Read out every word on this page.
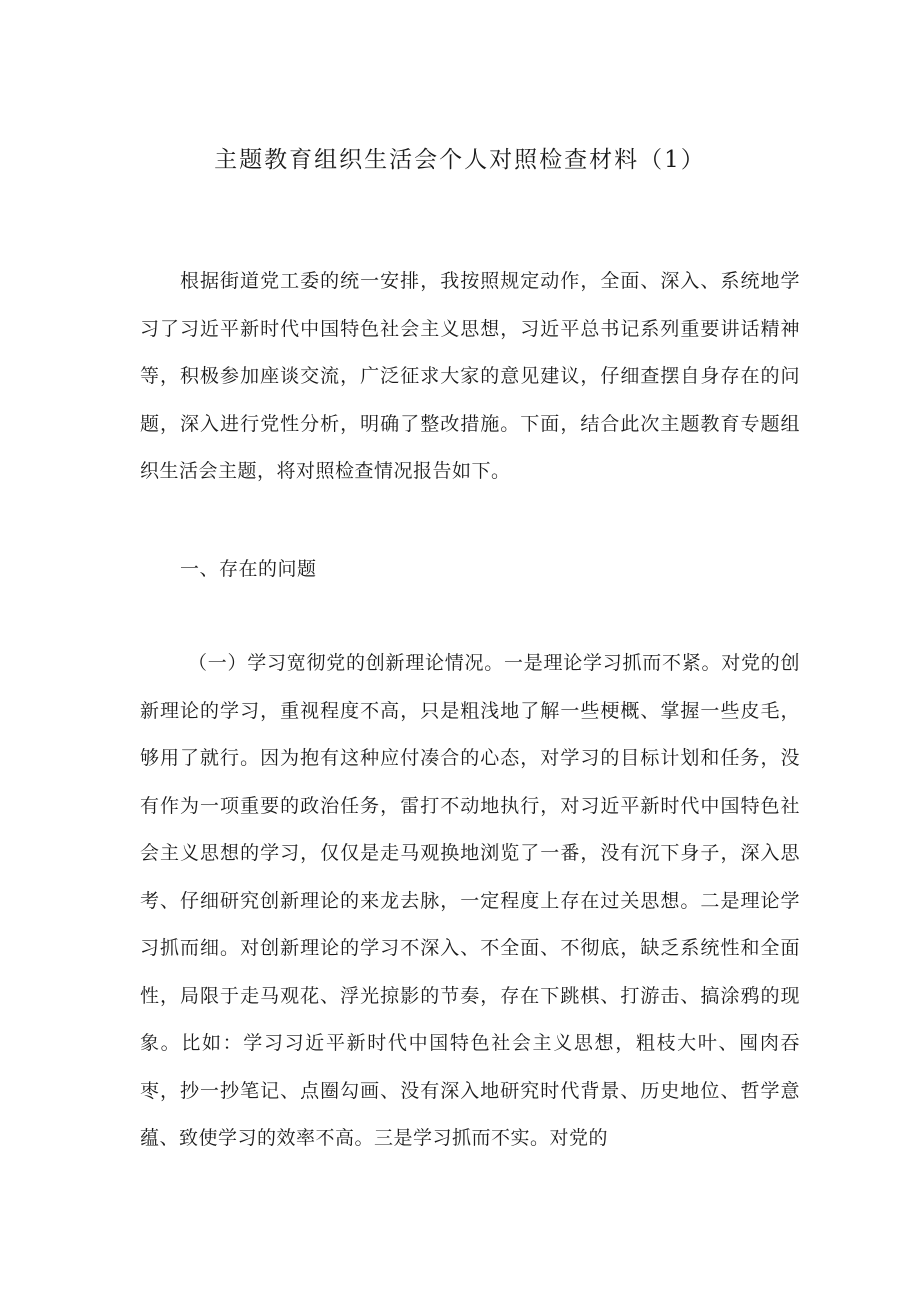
主题教育组织生活会个人对照检查材料（1）

根据街道党工委的统一安排，我按照规定动作，全面、深入、系统地学习了习近平新时代中国特色社会主义思想，习近平总书记系列重要讲话精神等，积极参加座谈交流，广泛征求大家的意见建议，仔细查摆自身存在的问题，深入进行党性分析，明确了整改措施。下面，结合此次主题教育专题组织生活会主题，将对照检查情况报告如下。

一、存在的问题

（一）学习宽彻党的创新理论情况。一是理论学习抓而不紧。对党的创新理论的学习，重视程度不高，只是粗浅地了解一些梗概、掌握一些皮毛，够用了就行。因为抱有这种应付凑合的心态，对学习的目标计划和任务，没有作为一项重要的政治任务，雷打不动地执行，对习近平新时代中国特色社会主义思想的学习，仅仅是走马观换地浏览了一番，没有沉下身子，深入思考、仔细研究创新理论的来龙去脉，一定程度上存在过关思想。二是理论学习抓而细。对创新理论的学习不深入、不全面、不彻底，缺乏系统性和全面性，局限于走马观花、浮光掠影的节奏，存在下跳棋、打游击、搞涂鸦的现象。比如：学习习近平新时代中国特色社会主义思想，粗枝大叶、囤肉吞枣，抄一抄笔记、点圈勾画、没有深入地研究时代背景、历史地位、哲学意蕴、致使学习的效率不高。三是学习抓而不实。对党的
